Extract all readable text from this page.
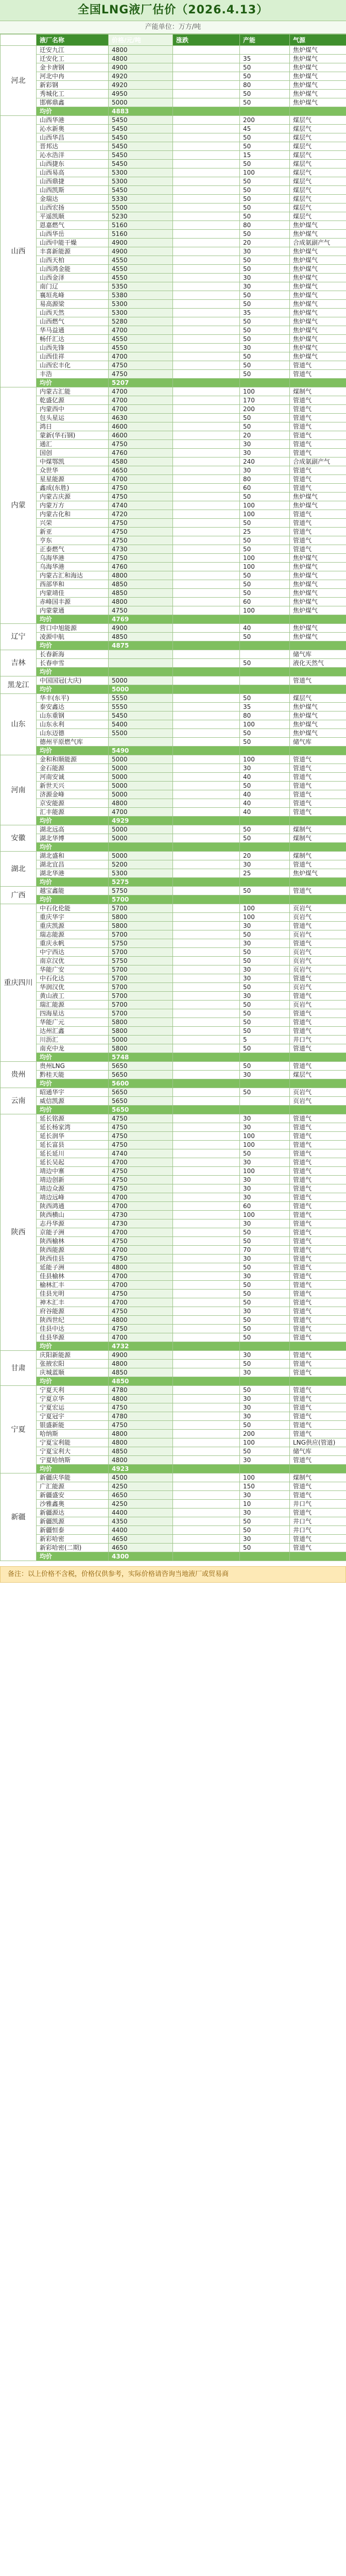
全国LNG液厂估价（2026.4.13）
产能单位：万方/吨
省份	液厂名称	价格/元/吨	涨跌	产能	气源
河北	迁安九江	4800			焦炉煤气
	迁安化工	4800		35	焦炉煤气
	金卡唐钢	4900		50	焦炉煤气
	河北中冉	4920		50	焦炉煤气
	新彩钢	4920		80	焦炉煤气
	秀城化工	4950		50	焦炉煤气
	邯郸鼎鑫	5000		50	焦炉煤气
	均价	4883			
山西	山西华港	5450		200	煤层气
	沁水新奥	5450		45	煤层气
	山西华昌	5450		50	煤层气
	晋邦达	5450		50	煤层气
	沁水浩洋	5450		15	煤层气
	山西捷东	5450		50	煤层气
	山西易高	5300		100	煤层气
	山西鼎捷	5300		50	煤层气
	山西凯斯	5450		50	煤层气
	金瑞达	5330		50	煤层气
	山西宏扬	5500		50	煤层气
	平遥凯顺	5230		50	煤层气
	恩嘉燃气	5160		80	焦炉煤气
	山西华岳	5160		50	焦炉煤气
	山西中能干燥	4900		20	合成氨副产气
	丰喜新能源	4900		30	焦炉煤气
	山西天柏	4550		50	焦炉煤气
	山西鸿金能	4550		50	焦炉煤气
	山西金泽	4550		30	焦炉煤气
	南门辽	5350		30	焦炉煤气
	襄垣兆峰	5380		50	焦炉煤气
	易高源梁	5300		50	焦炉煤气
	山西天然	5300		35	焦炉煤气
	山西燃气	5280		50	焦炉煤气
	华马益通	4700		50	焦炉煤气
	畅仟汇达	4550		50	焦炉煤气
	山西先锋	4550		30	焦炉煤气
	山西佳祥	4700		50	焦炉煤气
	山西宏丰化	4750		50	管道气
	丰浩	4750		50	管道气
	均价	5207			
内蒙	内蒙古汇能	4700		100	煤制气
	乾盛亿源	4700		170	管道气
	内蒙西中	4700		200	管道气
	包头星运	4630		50	管道气
	鸿日	4600		50	管道气
	蒙新(华石钢)	4600		20	管道气
	通汇	4750		30	管道气
	国创	4760		30	管道气
	中煤鄂凯	4580		240	合成氨副产气
	众世华	4650		30	管道气
	星星能源	4700		80	管道气
	鑫成(东胜)	4750		60	管道气
	内蒙古庆源	4750		50	焦炉煤气
	内蒙万方	4740		100	焦炉煤气
	内蒙古化和	4720		100	管道气
	兴荣	4750		50	管道气
	新亚	4750		25	管道气
	亨东	4750		50	管道气
	正泰燃气	4730		50	管道气
	乌海华港	4750		100	焦炉煤气
	乌海华港	4760		100	焦炉煤气
	内蒙古汇和海达	4800		50	焦炉煤气
	西部华和	4850		50	焦炉煤气
	内蒙靖佳	4850		50	焦炉煤气
	赤峰国丰源	4800		60	焦炉煤气
	内蒙蒙通	4750		100	焦炉煤气
	均价	4769			
辽宁	营口中旭能源	4900		40	焦炉煤气
	凌源中航	4850		50	焦炉煤气
	均价	4875			
吉林	长春新海				储气库
	长春申雪			50	液化天然气
	均价				
黑龙江	中国国冠(大庆)	5000			管道气
	均价	5000			
山东	华丰(东平)	5550		50	煤层气
	泰安鑫达	5550		35	焦炉煤气
	山东重钢	5450		80	焦炉煤气
	山东永利	5400		100	焦炉煤气
	山东迈德	5500		50	焦炉煤气
	德州平原燃气库			50	储气库
	均价	5490			
河南	金和和顺能源	5000		100	管道气
	金石能源	5000		30	管道气
	河南安诚	5000		40	管道气
	新世天兴	5000		50	管道气
	济源金峰	5000		40	管道气
	京安能源	4800		40	管道气
	汇丰能源	4700		40	管道气
	均价	4929			
安徽	湖北远高	5000		50	煤制气
	湖北华博	5000		50	煤制气
	均价				
湖北	湖北盛和	5000		20	煤制气
	湖北宜昌	5200		30	管道气
	湖北华港	5300		25	焦炉煤气
	均价	5275			
广西	越宝鑫能	5750		50	管道气
	均价	5700			
重庆四川	中石化伦能	5700		100	页岩气
	重庆华宇	5800		100	页岩气
	重庆凯源	5800		30	管道气
	瑞志能源	5700		50	页岩气
	重庆永帆	5750		30	管道气
	中宁西达	5700		50	页岩气
	南京汉优	5750		50	页岩气
	华能广安	5700		30	页岩气
	中石化达	5700		30	管道气
	华润汉优	5700		50	页岩气
	黄山液工	5700		30	管道气
	瑞汇能源	5700		50	页岩气
	四海星达	5700		50	管道气
	华能广元	5800		50	管道气
	达州汇鑫	5800		50	管道气
	川沥汇	5000		5	井口气
	南充中龙	5800		50	管道气
	均价	5748			
贵州	贵州LNG	5650		50	管道气
	黔桂天能	5650		30	煤层气
	均价	5600			
云南	昭通华宇	5650		50	页岩气
	威信凯源	5650			页岩气
	均价	5650			
陕西	延长铭源	4750		30	管道气
	延长杨家湾	4750		30	管道气
	延长润华	4750		100	管道气
	延长富县	4750		100	管道气
	延长延川	4740		50	管道气
	延长吴起	4700		30	管道气
	靖边中寨	4750		100	管道气
	靖边创新	4750		30	管道气
	靖边众源	4750		30	管道气
	靖边远峰	4700		30	管道气
	陕西鸿通	4700		60	管道气
	陕西横山	4730		100	管道气
	志丹华源	4730		30	管道气
	京能子洲	4700		50	管道气
	陕西榆林	4750		50	管道气
	陕西能源	4700		70	管道气
	陕西佳县	4750		30	管道气
	延能子洲	4800		50	管道气
	佳县榆林	4700		30	管道气
	榆林汇丰	4700		50	管道气
	佳县光明	4750		50	管道气
	神木汇丰	4700		50	管道气
	府谷能源	4750		30	管道气
	陕西世纪	4800		50	管道气
	佳县中达	4750		50	管道气
	佳县华源	4700		50	管道气
	均价	4732			
甘肃	庆阳新能源	4900		30	管道气
	张掖宏阳	4800		50	管道气
	庆城蓝顺	4850		30	管道气
	均价	4850			
宁夏	宁夏天利	4780		50	管道气
	宁夏京华	4800		30	管道气
	宁夏宏运	4750		30	管道气
	宁夏冠宇	4780		30	管道气
	银盛新能	4750		50	管道气
	哈纳斯	4800		200	管道气
	宁夏宝利能	4800		100	LNG供应(管道)
	宁夏宝利大	4850		50	储气库
	宁夏哈纳斯	4800		30	管道气
	均价	4923			
新疆	新疆庆华能	4500		100	煤制气
	广汇能源	4250		150	管道气
	新疆盛安	4650		30	管道气
	沙雅鑫奥	4250		10	井口气
	新疆源达	4400		30	管道气
	新疆凯源	4350		50	井口气
	新疆恒泰	4400		50	井口气
	新彩哈密	4650		30	管道气
	新彩哈密(二期)	4650		50	管道气
	均价	4300			
备注：以上价格不含税，价格仅供参考，实际价格请咨询当地液厂或贸易商
